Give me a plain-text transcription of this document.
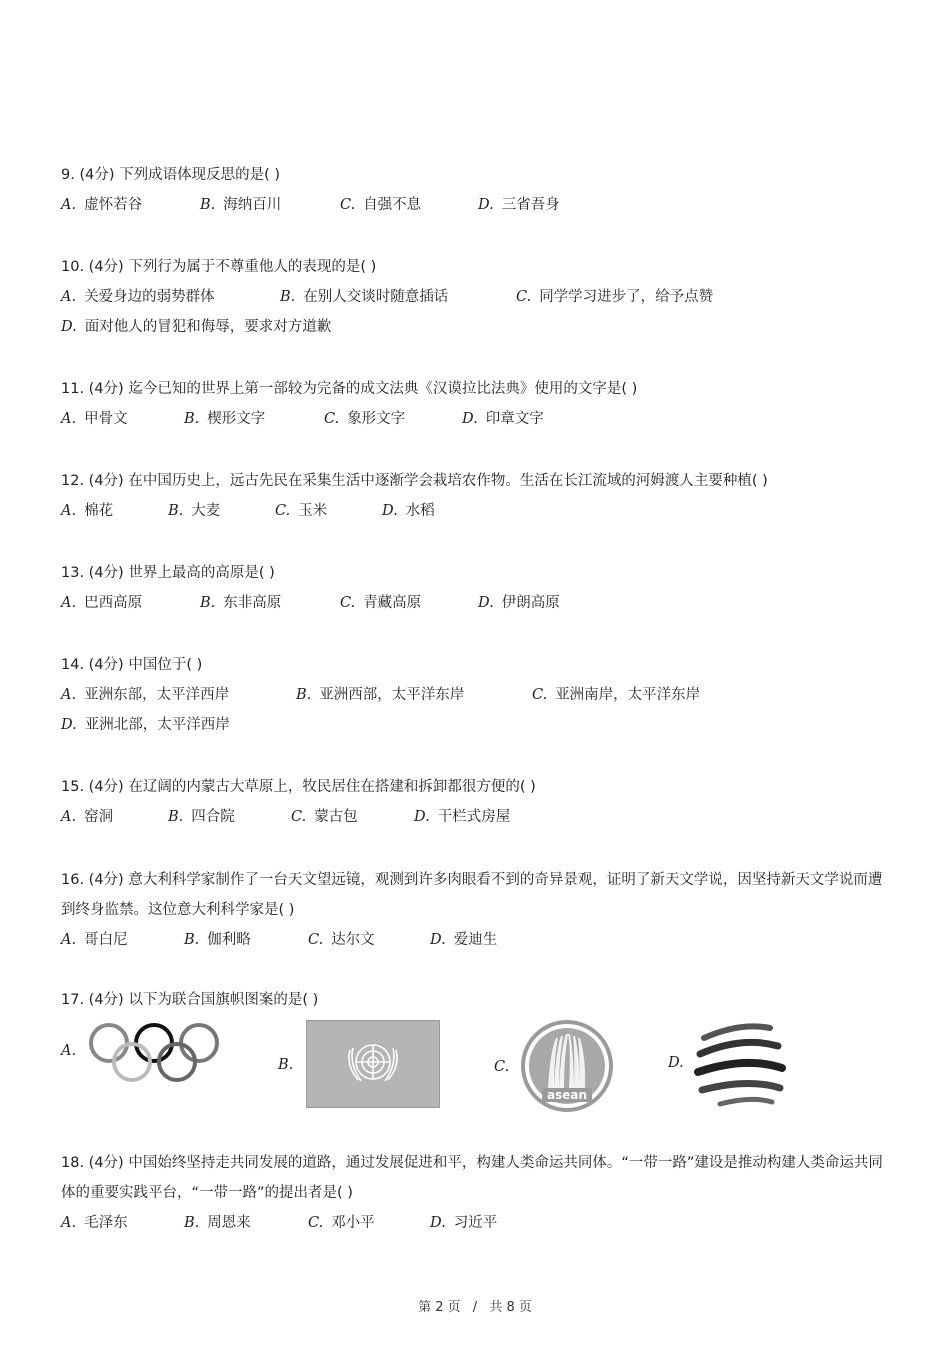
9. (4分) 下列成语体现反思的是( )
A. 虚怀若谷	B. 海纳百川	C. 自强不息	D. 三省吾身
10. (4分) 下列行为属于不尊重他人的表现的是( )
A. 关爱身边的弱势群体	B. 在别人交谈时随意插话	C. 同学学习进步了，给予点赞
D. 面对他人的冒犯和侮辱，要求对方道歉
11. (4分) 迄今已知的世界上第一部较为完备的成文法典《汉谟拉比法典》使用的文字是( )
A. 甲骨文	B. 楔形文字	C. 象形文字	D. 印章文字
12. (4分) 在中国历史上，远古先民在采集生活中逐渐学会栽培农作物。生活在长江流域的河姆渡人主要种植( )
A. 棉花	B. 大麦	C. 玉米	D. 水稻
13. (4分) 世界上最高的高原是( )
A. 巴西高原	B. 东非高原	C. 青藏高原	D. 伊朗高原
14. (4分) 中国位于( )
A. 亚洲东部，太平洋西岸	B. 亚洲西部，太平洋东岸	C. 亚洲南岸，太平洋东岸
D. 亚洲北部，太平洋西岸
15. (4分) 在辽阔的内蒙古大草原上，牧民居住在搭建和拆卸都很方便的( )
A. 窑洞	B. 四合院	C. 蒙古包	D. 干栏式房屋
16. (4分) 意大利科学家制作了一台天文望远镜，观测到许多肉眼看不到的奇异景观，证明了新天文学说，因坚持新天文学说而遭到终身监禁。这位意大利科学家是( )
A. 哥白尼	B. 伽利略	C. 达尔文	D. 爱迪生
17. (4分) 以下为联合国旗帜图案的是( )
A.
B.	C.
asean
D.
18. (4分) 中国始终坚持走共同发展的道路，通过发展促进和平，构建人类命运共同体。“一带一路”建设是推动构建人类命运共同体的重要实践平台，“一带一路”的提出者是( )
A. 毛泽东	B. 周恩来	C. 邓小平	D. 习近平
第 2 页 / 共 8 页
